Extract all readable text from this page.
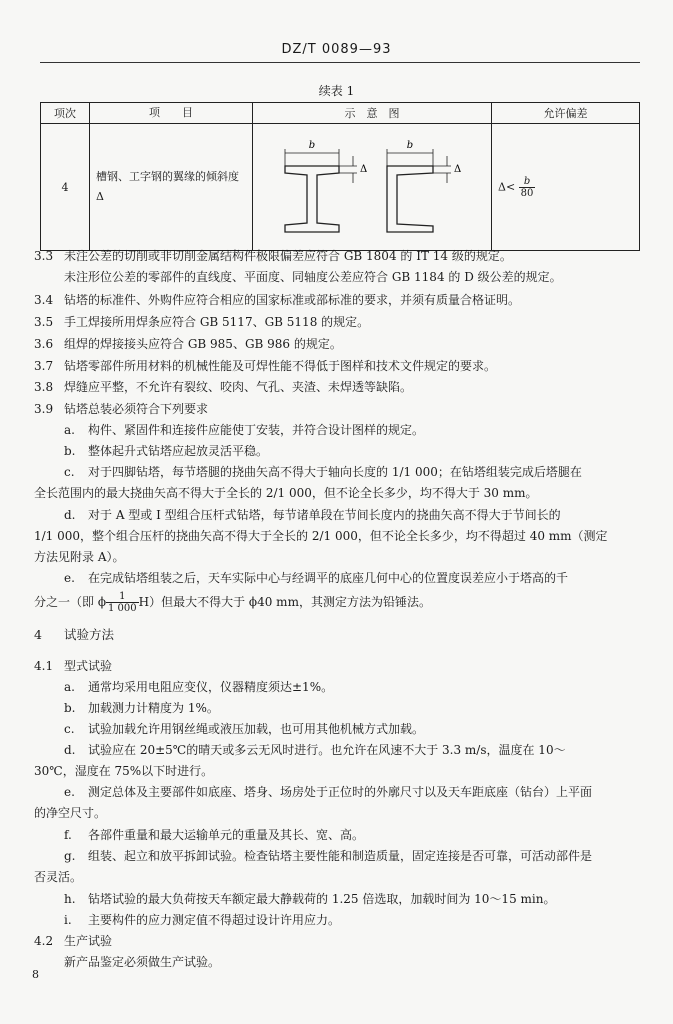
DZ/T 0089—93
续表 1
项次	项　　目	示　意　图	允许偏差
4	槽钢、工字钢的翼缘的倾斜度 Δ	b
Δ
b
Δ	$\Delta< \frac{b}{80}$
3.3 未注公差的切削或非切削金属结构件极限偏差应符合 GB 1804 的 IT 14 级的规定。
未注形位公差的零部件的直线度、平面度、同轴度公差应符合 GB 1184 的 D 级公差的规定。
3.4 钻塔的标准件、外购件应符合相应的国家标准或部标准的要求，并须有质量合格证明。
3.5 手工焊接所用焊条应符合 GB 5117、GB 5118 的规定。
3.6 组焊的焊接接头应符合 GB 985、GB 986 的规定。
3.7 钻塔零部件所用材料的机械性能及可焊性能不得低于图样和技术文件规定的要求。
3.8 焊缝应平整，不允许有裂纹、咬肉、气孔、夹渣、未焊透等缺陷。
3.9 钻塔总装必须符合下列要求
a. 构件、紧固件和连接件应能使丁安装，并符合设计图样的规定。
b. 整体起升式钻塔应起放灵活平稳。
c. 对于四脚钻塔，每节塔腿的挠曲矢高不得大于轴向长度的 1/1 000；在钻塔组装完成后塔腿在
全长范围内的最大挠曲矢高不得大于全长的 2/1 000，但不论全长多少，均不得大于 30 mm。
d. 对于 A 型或 I 型组合压杆式钻塔，每节诸单段在节间长度内的挠曲矢高不得大于节间长的
1/1 000，整个组合压杆的挠曲矢高不得大于全长的 2/1 000，但不论全长多少，均不得超过 40 mm（测定
方法见附录 A）。
e. 在完成钻塔组装之后，天车实际中心与经调平的底座几何中心的位置度误差应小于塔高的千
分之一（即 ϕ $\frac{1}{1 000} H$）但最大不得大于 ϕ40 mm，其测定方法为铅锤法。
4 试验方法
4.1 型式试验
a. 通常均采用电阻应变仪，仪器精度须达±1%。
b. 加载测力计精度为 1%。
c. 试验加载允许用钢丝绳或液压加载，也可用其他机械方式加载。
d. 试验应在 20±5℃的晴天或多云无风时进行。也允许在风速不大于 3.3 m/s，温度在 10～
30℃，湿度在 75%以下时进行。
e. 测定总体及主要部件如底座、塔身、场房处于正位时的外廓尺寸以及天车距底座（钻台）上平面
的净空尺寸。
f. 各部件重量和最大运输单元的重量及其长、宽、高。
g. 组装、起立和放平拆卸试验。检查钻塔主要性能和制造质量，固定连接是否可靠，可活动部件是
否灵活。
h. 钻塔试验的最大负荷按天车额定最大静载荷的 1.25 倍选取，加载时间为 10～15 min。
i. 主要构件的应力测定值不得超过设计许用应力。
4.2 生产试验
新产品鉴定必须做生产试验。
8
